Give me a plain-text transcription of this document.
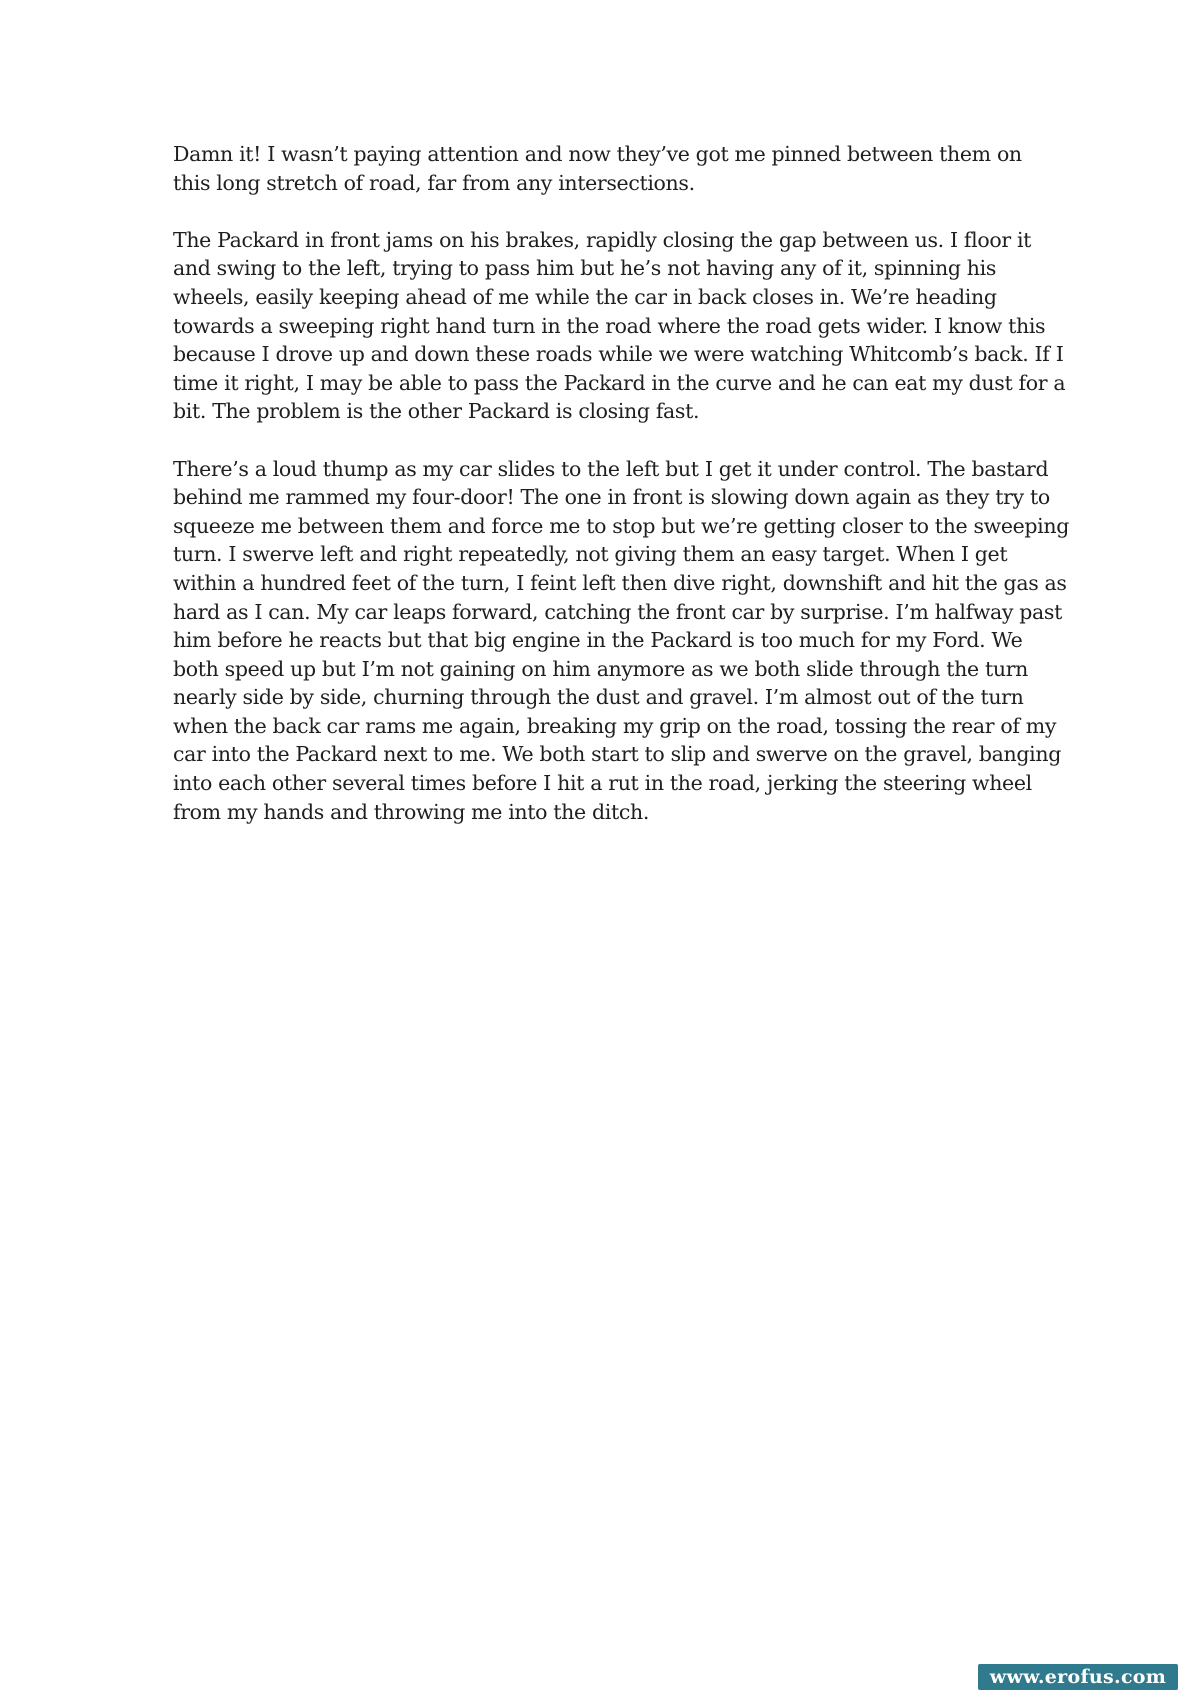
Damn it! I wasn’t paying attention and now they’ve got me pinned between them on
this long stretch of road, far from any intersections.

The Packard in front jams on his brakes, rapidly closing the gap between us. I floor it
and swing to the left, trying to pass him but he’s not having any of it, spinning his
wheels, easily keeping ahead of me while the car in back closes in. We’re heading
towards a sweeping right hand turn in the road where the road gets wider. I know this
because I drove up and down these roads while we were watching Whitcomb’s back. If I
time it right, I may be able to pass the Packard in the curve and he can eat my dust for a
bit. The problem is the other Packard is closing fast.

There’s a loud thump as my car slides to the left but I get it under control. The bastard
behind me rammed my four-door! The one in front is slowing down again as they try to
squeeze me between them and force me to stop but we’re getting closer to the sweeping
turn. I swerve left and right repeatedly, not giving them an easy target. When I get
within a hundred feet of the turn, I feint left then dive right, downshift and hit the gas as
hard as I can. My car leaps forward, catching the front car by surprise. I’m halfway past
him before he reacts but that big engine in the Packard is too much for my Ford. We
both speed up but I’m not gaining on him anymore as we both slide through the turn
nearly side by side, churning through the dust and gravel. I’m almost out of the turn
when the back car rams me again, breaking my grip on the road, tossing the rear of my
car into the Packard next to me. We both start to slip and swerve on the gravel, banging
into each other several times before I hit a rut in the road, jerking the steering wheel
from my hands and throwing me into the ditch.

www.erofus.com
